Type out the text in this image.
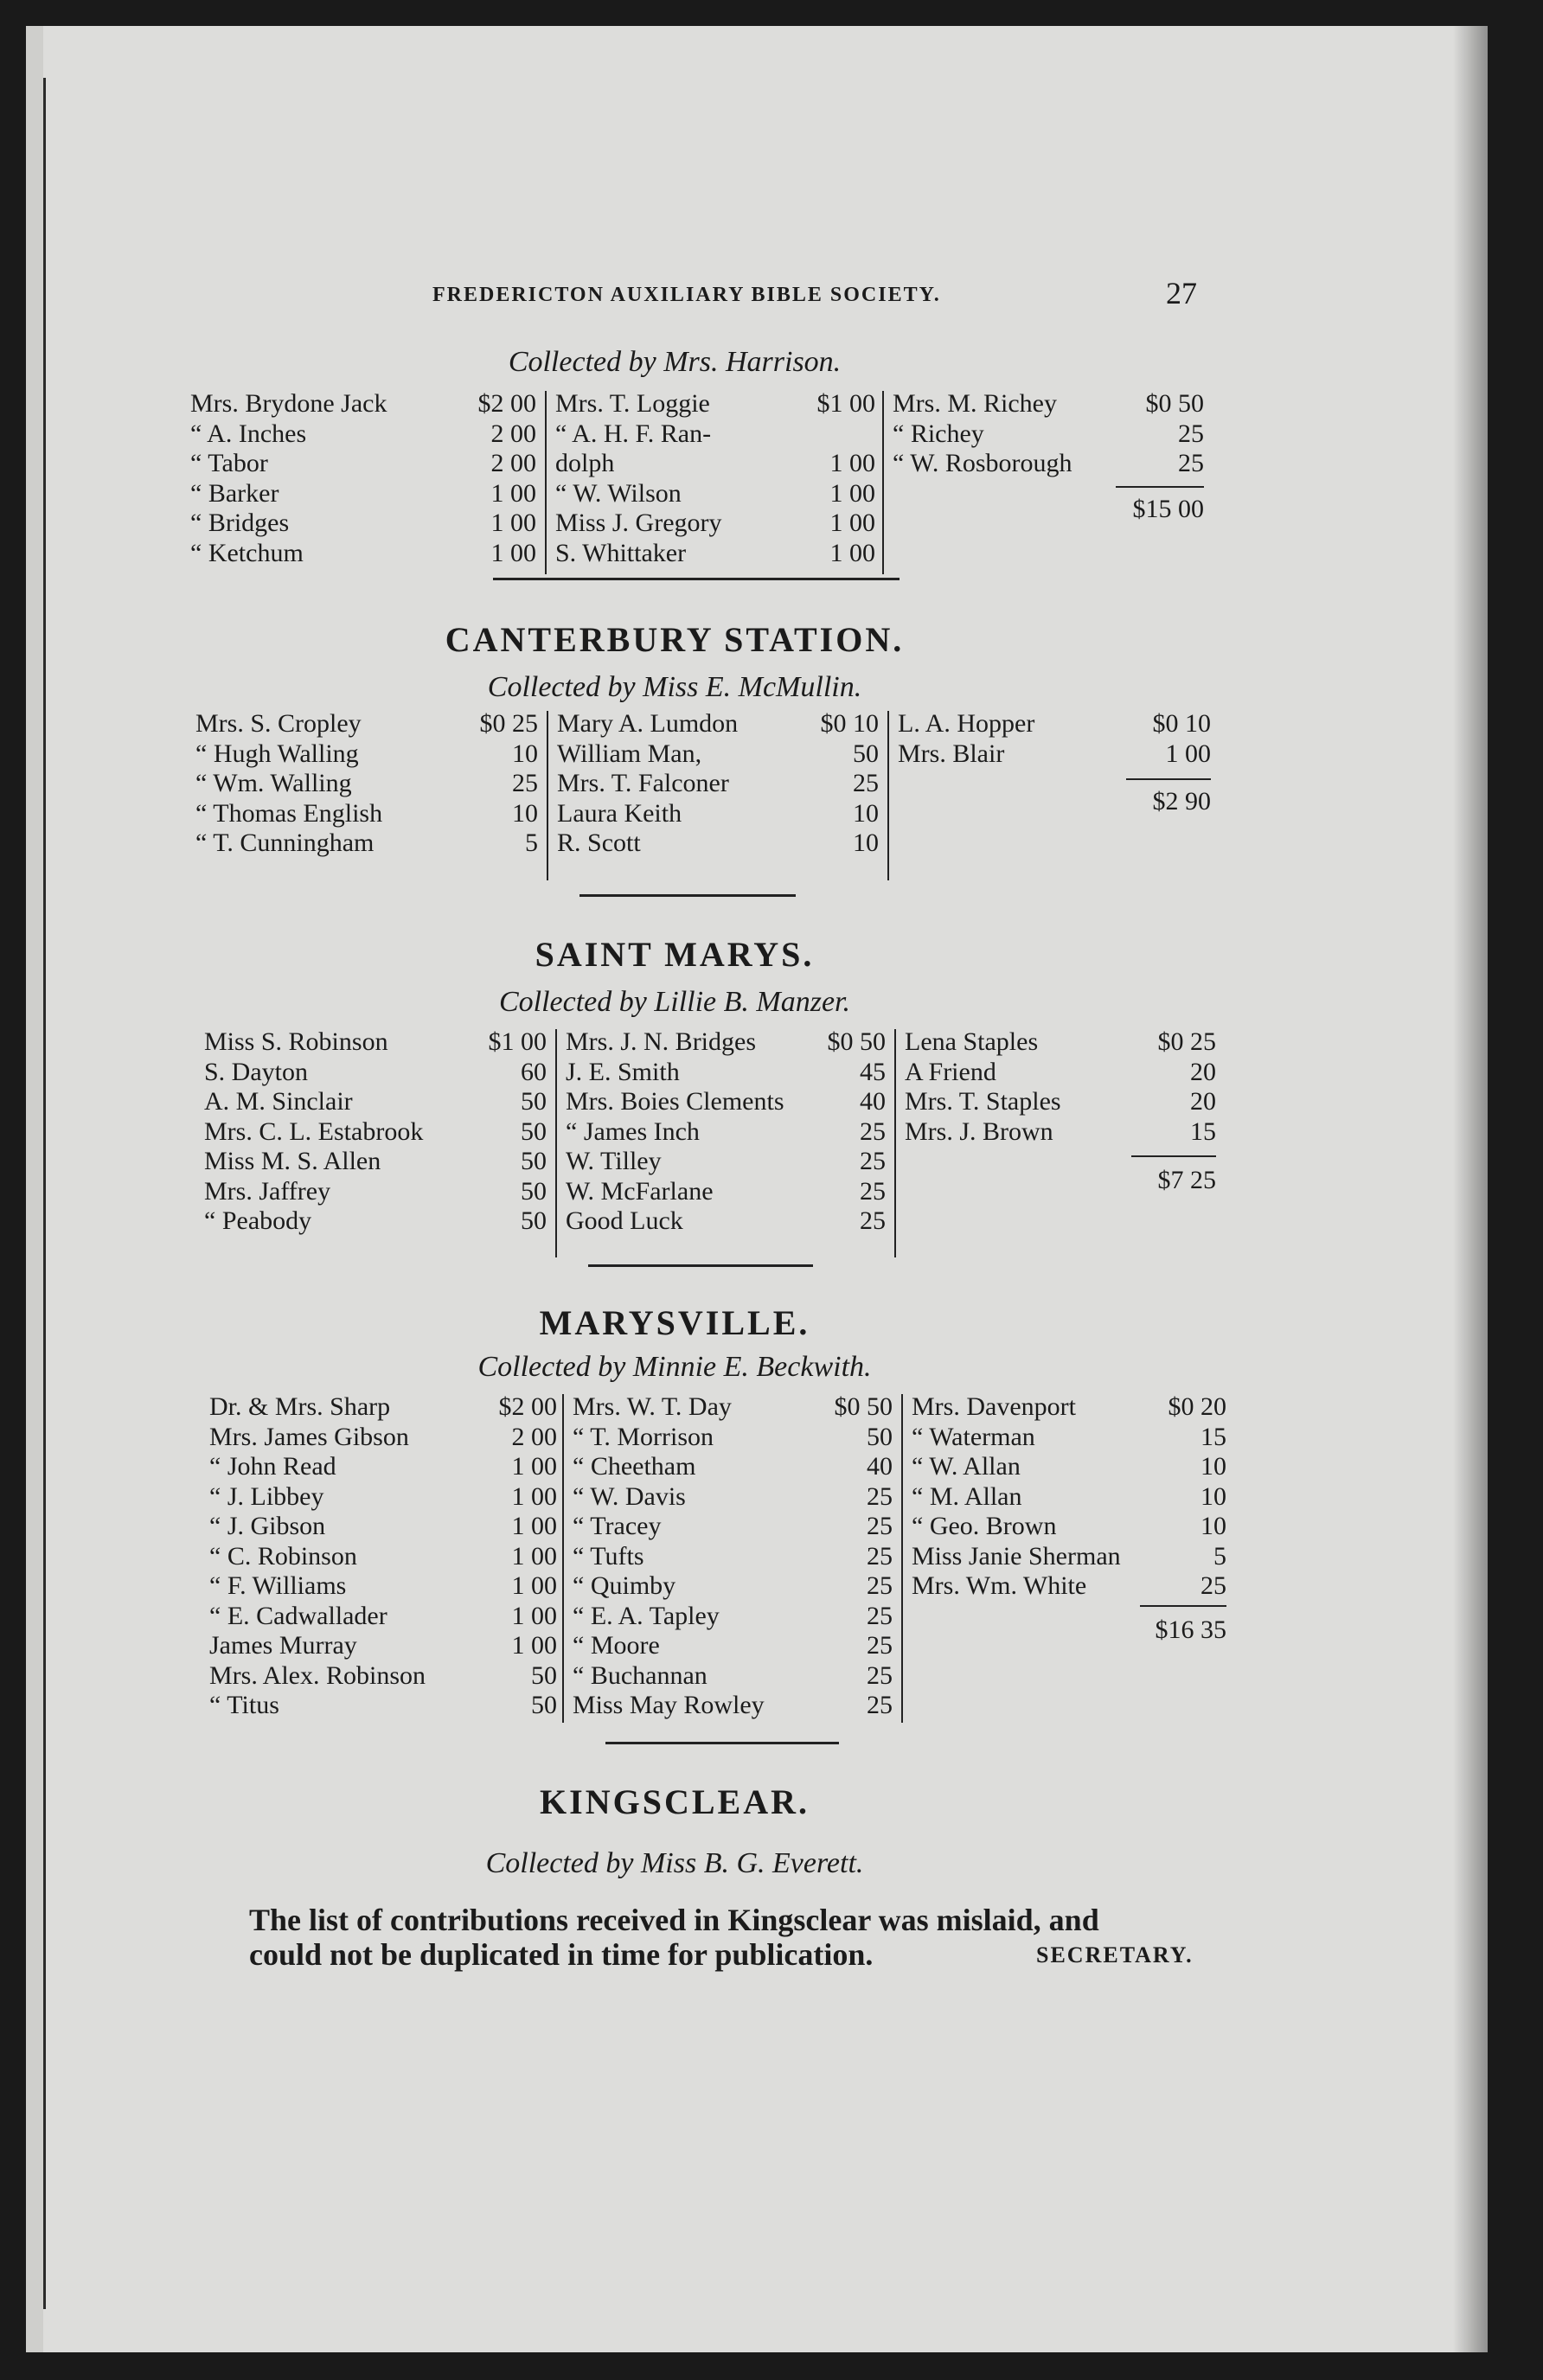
FREDERICTON AUXILIARY BIBLE SOCIETY.	27
Collected by Mrs. Harrison.
Mrs. Brydone Jack	$2 00
“ A. Inches	2 00
“ Tabor	2 00
“ Barker	1 00
“ Bridges	1 00
“ Ketchum	1 00
Mrs. T. Loggie	$1 00
“ A. H. F. Ran-
dolph	1 00
“ W. Wilson	1 00
Miss J. Gregory	1 00
S. Whittaker	1 00
Mrs. M. Richey	$0 50
“ Richey	25
“ W. Rosborough	25
$15 00
CANTERBURY STATION.
Collected by Miss E. McMullin.
Mrs. S. Cropley	$0 25
“ Hugh Walling	10
“ Wm. Walling	25
“ Thomas English	10
“ T. Cunningham	5
Mary A. Lumdon	$0 10
William Man,	50
Mrs. T. Falconer	25
Laura Keith	10
R. Scott	10
L. A. Hopper	$0 10
Mrs. Blair	1 00
$2 90
SAINT MARYS.
Collected by Lillie B. Manzer.
Miss S. Robinson	$1 00
S. Dayton	60
A. M. Sinclair	50
Mrs. C. L. Estabrook	50
Miss M. S. Allen	50
Mrs. Jaffrey	50
“ Peabody	50
Mrs. J. N. Bridges	$0 50
J. E. Smith	45
Mrs. Boies Clements	40
“ James Inch	25
W. Tilley	25
W. McFarlane	25
Good Luck	25
Lena Staples	$0 25
A Friend	20
Mrs. T. Staples	20
Mrs. J. Brown	15
$7 25
MARYSVILLE.
Collected by Minnie E. Beckwith.
Dr. & Mrs. Sharp	$2 00
Mrs. James Gibson	2 00
“ John Read	1 00
“ J. Libbey	1 00
“ J. Gibson	1 00
“ C. Robinson	1 00
“ F. Williams	1 00
“ E. Cadwallader	1 00
James Murray	1 00
Mrs. Alex. Robinson	50
“ Titus	50
Mrs. W. T. Day	$0 50
“ T. Morrison	50
“ Cheetham	40
“ W. Davis	25
“ Tracey	25
“ Tufts	25
“ Quimby	25
“ E. A. Tapley	25
“ Moore	25
“ Buchannan	25
Miss May Rowley	25
Mrs. Davenport	$0 20
“ Waterman	15
“ W. Allan	10
“ M. Allan	10
“ Geo. Brown	10
Miss Janie Sherman	5
Mrs. Wm. White	25
$16 35
KINGSCLEAR.
Collected by Miss B. G. Everett.

The list of contributions received in Kingsclear was mislaid, and

could not be duplicated in time for publication.	SECRETARY.
